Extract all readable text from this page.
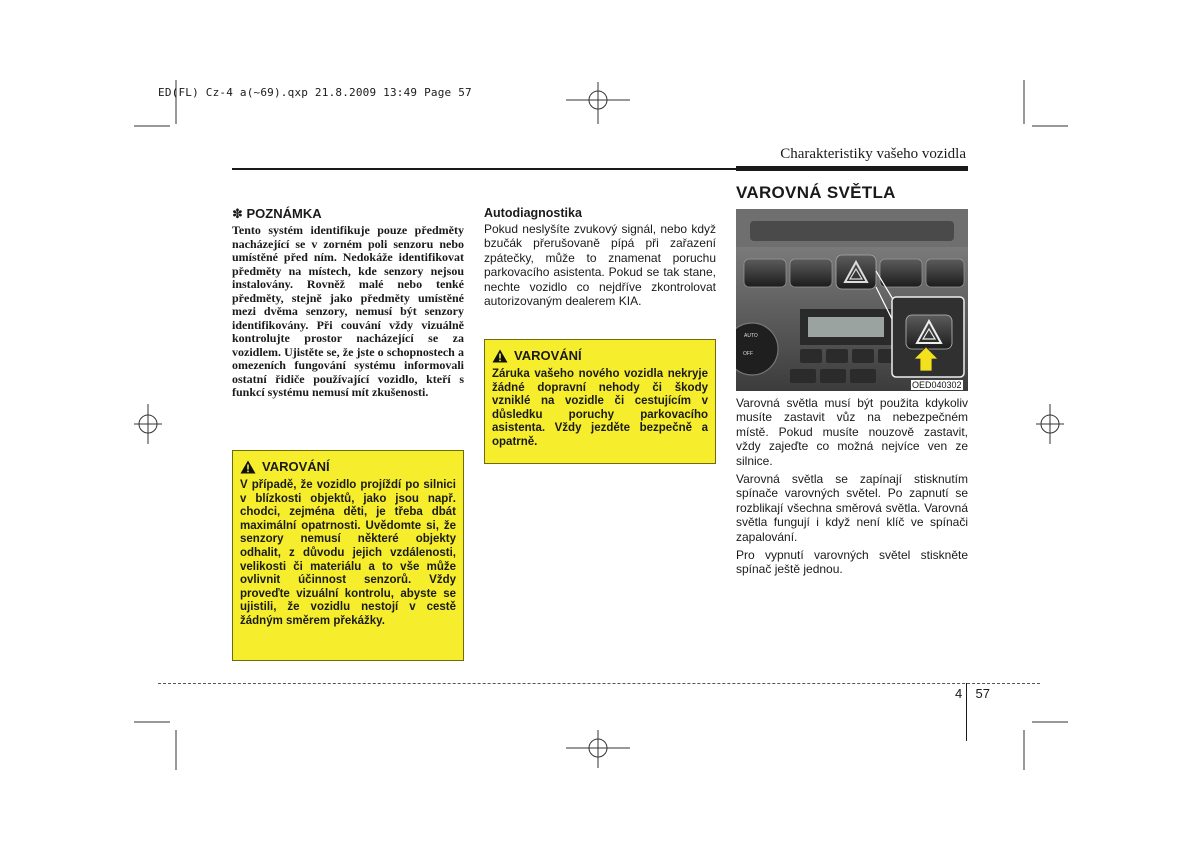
ED(FL) Cz-4 a(~69).qxp 21.8.2009 13:49 Page 57
Charakteristiky vašeho vozidla
✽ POZNÁMKA

Tento systém identifikuje pouze předměty nacházející se v zorném poli senzoru nebo umístěné před ním. Nedokáže identifikovat předměty na místech, kde senzory nejsou instalovány. Rovněž malé nebo tenké předměty, stejně jako předměty umístěné mezi dvěma senzory, nemusí být senzory identifikovány. Při couvání vždy vizuálně kontrolujte prostor nacházející se za vozidlem. Ujistěte se, že jste o schopnostech a omezeních fungování systému informovali ostatní řidiče používající vozidlo, kteří s funkcí systému nemusí mít zkušenosti.

VAROVÁNÍ

V případě, že vozidlo projíždí po silnici v blízkosti objektů, jako jsou např. chodci, zejména děti, je třeba dbát maximální opatrnosti. Uvědomte si, že senzory nemusí některé objekty odhalit, z důvodu jejich vzdálenosti, velikosti či materiálu a to vše může ovlivnit účinnost senzorů. Vždy proveďte vizuální kontrolu, abyste se ujistili, že vozidlu nestojí v cestě žádným směrem překážky.

Autodiagnostika

Pokud neslyšíte zvukový signál, nebo když bzučák přerušovaně pípá při zařazení zpátečky, může to znamenat poruchu parkovacího asistenta. Pokud se tak stane, nechte vozidlo co nejdříve zkontrolovat autorizovaným dealerem KIA.

VAROVÁNÍ

Záruka vašeho nového vozidla nekryje žádné dopravní nehody či škody vzniklé na vozidle či cestujícím v důsledku poruchy parkovacího asistenta. Vždy jezděte bezpečně a opatrně.

VAROVNÁ SVĚTLA
AUTO
OFF
OED040302

Varovná světla musí být použita kdykoliv musíte zastavit vůz na nebezpečném místě. Pokud musíte nouzově zastavit, vždy zajeďte co možná nejvíce ven ze silnice.

Varovná světla se zapínají stisknutím spínače varovných světel. Po zapnutí se rozblikají všechna směrová světla. Varovná světla fungují i když není klíč ve spínači zapalování.

Pro vypnutí varovných světel stiskněte spínač ještě jednou.

4 57
